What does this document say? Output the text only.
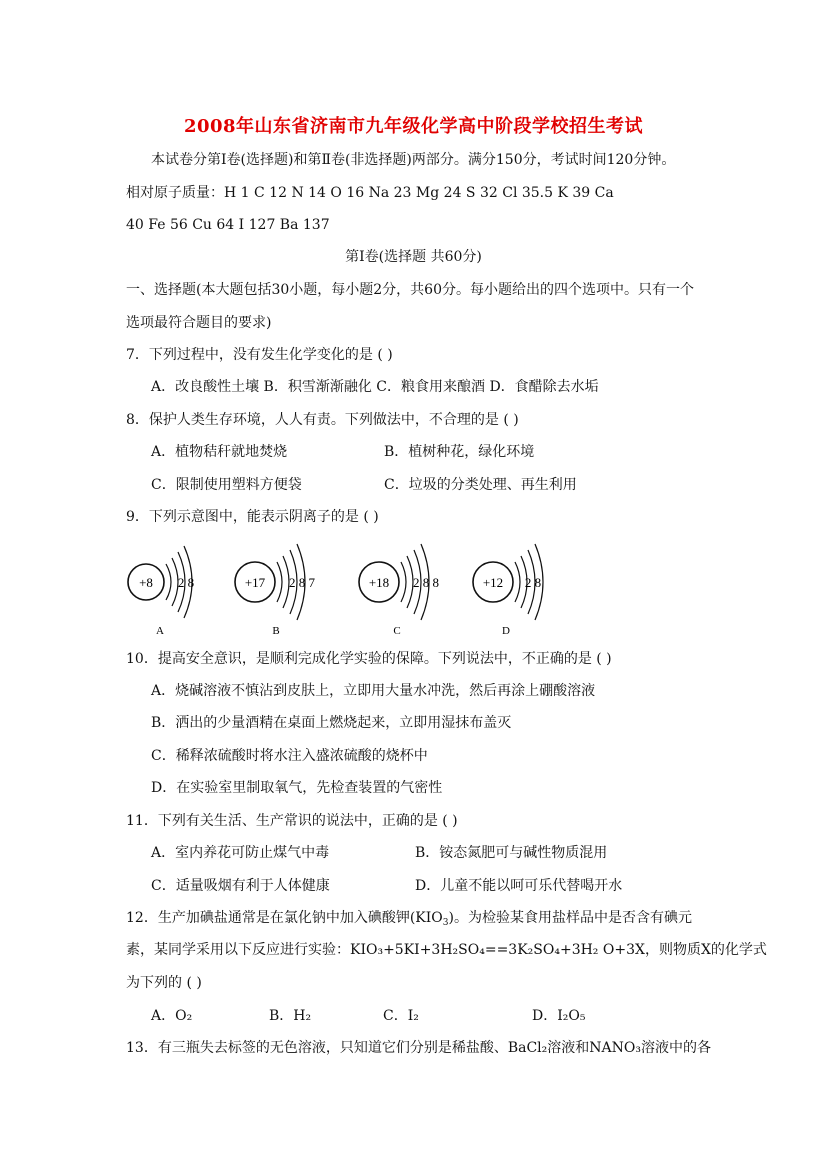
2008年山东省济南市九年级化学高中阶段学校招生考试
本试卷分第Ⅰ卷(选择题)和第Ⅱ卷(非选择题)两部分。满分150分，考试时间120分钟。
相对原子质量：H 1 C 12 N 14 O 16 Na 23 Mg 24 S 32 Cl 35.5 K 39 Ca
40 Fe 56 Cu 64 I 127 Ba 137
第Ⅰ卷(选择题 共60分)
一、选择题(本大题包括30小题，每小题2分，共60分。每小题给出的四个选项中。只有一个
选项最符合题目的要求)
7．下列过程中，没有发生化学变化的是 ( )
A．改良酸性土壤 B．积雪渐渐融化 C．粮食用来酿酒 D．食醋除去水垢
8．保护人类生存环境，人人有责。下列做法中，不合理的是 ( )
A．植物秸秆就地焚烧	B．植树种花，绿化环境
C．限制使用塑料方便袋	C．垃圾的分类处理、再生利用
9．下列示意图中，能表示阴离子的是 ( )
+8 2 8
A
+17 2 8 7
B
+18 2 8 8
C
+12 2 8
D
10．提高安全意识，是顺利完成化学实验的保障。下列说法中，不正确的是 ( )
A．烧碱溶液不慎沾到皮肤上，立即用大量水冲洗，然后再涂上硼酸溶液
B．洒出的少量酒精在桌面上燃烧起来，立即用湿抹布盖灭
C．稀释浓硫酸时将水注入盛浓硫酸的烧杯中
D．在实验室里制取氧气，先检查装置的气密性
11．下列有关生活、生产常识的说法中，正确的是 ( )
A．室内养花可防止煤气中毒	B．铵态氮肥可与碱性物质混用
C．适量吸烟有利于人体健康	D．儿童不能以呵可乐代替喝开水
12．生产加碘盐通常是在氯化钠中加入碘酸钾$(KIO_3)$。为检验某食用盐样品中是否含有碘元
素，某同学采用以下反应进行实验：KIO₃+5KI+3H₂SO₄==3K₂SO₄+3H₂ O+3X，则物质X的化学式
为下列的 ( )
A．O₂	B．H₂	C．I₂	D．I₂O₅
13．有三瓶失去标签的无色溶液，只知道它们分别是稀盐酸、BaCl₂溶液和NANO₃溶液中的各
